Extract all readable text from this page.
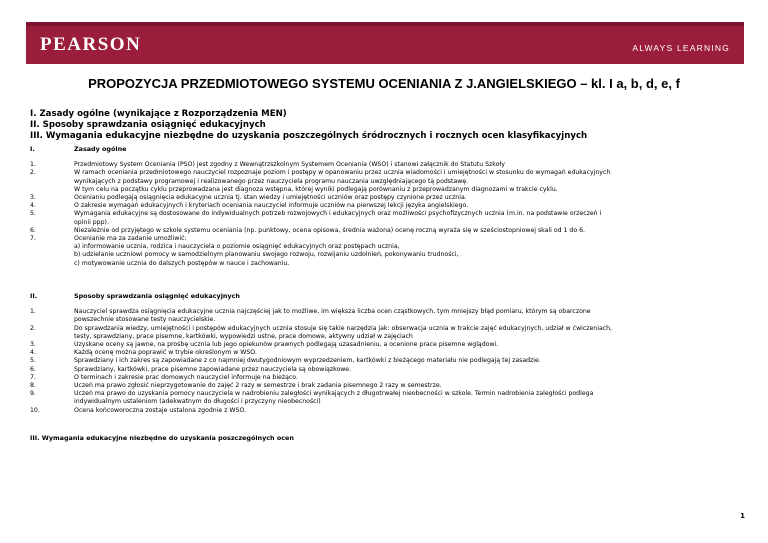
PEARSON	ALWAYS LEARNING
PROPOZYCJA PRZEDMIOTOWEGO SYSTEMU OCENIANIA Z J.ANGIELSKIEGO – kl. I a, b, d, e, f
I. Zasady ogólne (wynikające z Rozporządzenia MEN)
II. Sposoby sprawdzania osiągnięć edukacyjnych
III. Wymagania edukacyjne niezbędne do uzyskania poszczególnych śródrocznych i rocznych ocen klasyfikacyjnych
I.	Zasady ogólne
1.	Przedmiotowy System Oceniania (PSO) jest zgodny z Wewnątrzszkolnym Systemem Oceniania (WSO) i stanowi załącznik do Statutu Szkoły
2.	W ramach oceniania przedmiotowego nauczyciel rozpoznaje poziom i postępy w opanowaniu przez ucznia wiadomości i umiejętności w stosunku do wymagań edukacyjnych
wynikających z podstawy programowej i realizowanego przez nauczyciela programu nauczania uwzględniającego tą podstawę.
W tym celu na początku cyklu przeprowadzana jest diagnoza wstępna, której wyniki podlegają porównaniu z przeprowadzanym diagnozami w trakcie cyklu.
3.	Ocenianiu podlegają osiągnięcia edukacyjne ucznia tj. stan wiedzy i umiejętności uczniów oraz postępy czynione przez ucznia.
4.	O zakresie wymagań edukacyjnych i kryteriach oceniania nauczyciel informuje uczniów na pierwszej lekcji języka angielskiego.
5.	Wymagania edukacyjne są dostosowane do indywidualnych potrzeb rozwojowych i edukacyjnych oraz możliwości psychofizycznych ucznia (m.in. na podstawie orzeczeń i
opinii ppp).
6.	Niezależnie od przyjętego w szkole systemu oceniania (np. punktowy, ocena opisowa, średnia ważona) ocenę roczną wyraża się w sześciostopniowej skali od 1 do 6.
7.	Ocenianie ma za zadanie umożliwić:
a) informowanie ucznia, rodzica i nauczyciela o poziomie osiągnięć edukacyjnych oraz postępach ucznia,
b) udzielanie uczniowi pomocy w samodzielnym planowaniu swojego rozwoju, rozwijaniu uzdolnień, pokonywaniu trudności,
c) motywowanie ucznia do dalszych postępów w nauce i zachowaniu.
II.	Sposoby sprawdzania osiągnięć edukacyjnych
1.	Nauczyciel sprawdza osiągnięcia edukacyjne ucznia najczęściej jak to możliwe, im większa liczba ocen cząstkowych, tym mniejszy błąd pomiaru, którym są obarczone
powszechnie stosowane testy nauczycielskie.
2.	Do sprawdzania wiedzy, umiejętności i postępów edukacyjnych ucznia stosuje się takie narzędzia jak: obserwacja ucznia w trakcie zajęć edukacyjnych, udział w ćwiczeniach,
testy, sprawdziany, prace pisemne, kartkówki, wypowiedzi ustne, prace domowe, aktywny udział w zajęciach
3.	Uzyskane oceny są jawne, na prośbę ucznia lub jego opiekunów prawnych podlegają uzasadnieniu, a ocenione prace pisemne wglądowi.
4.	Każdą ocenę można poprawić w trybie określonym w WSO.
5.	Sprawdziany i ich zakres są zapowiadane z co najmniej dwutygodniowym wyprzedzeniem, kartkówki z bieżącego materiału nie podlegają tej zasadzie.
6.	Sprawdziany, kartkówki, prace pisemne zapowiadane przez nauczyciela są obowiązkowe.
7.	O terminach i zakresie prac domowych nauczyciel informuje na bieżąco.
8.	Uczeń ma prawo zgłosić nieprzygotowanie do zajęć 2 razy w semestrze i brak zadania pisemnego 2 razy w semestrze.
9.	Uczeń ma prawo do uzyskania pomocy nauczyciela w nadrobieniu zaległości wynikających z długotrwałej nieobecności w szkole. Termin nadrobienia zaległości podlega
indywidualnym ustaleniom (adekwatnym do długości i przyczyny nieobecności)
10.	Ocena końcoworoczna zostaje ustalona zgodnie z WSO.
III. Wymagania edukacyjne niezbędne do uzyskania poszczególnych ocen
1
